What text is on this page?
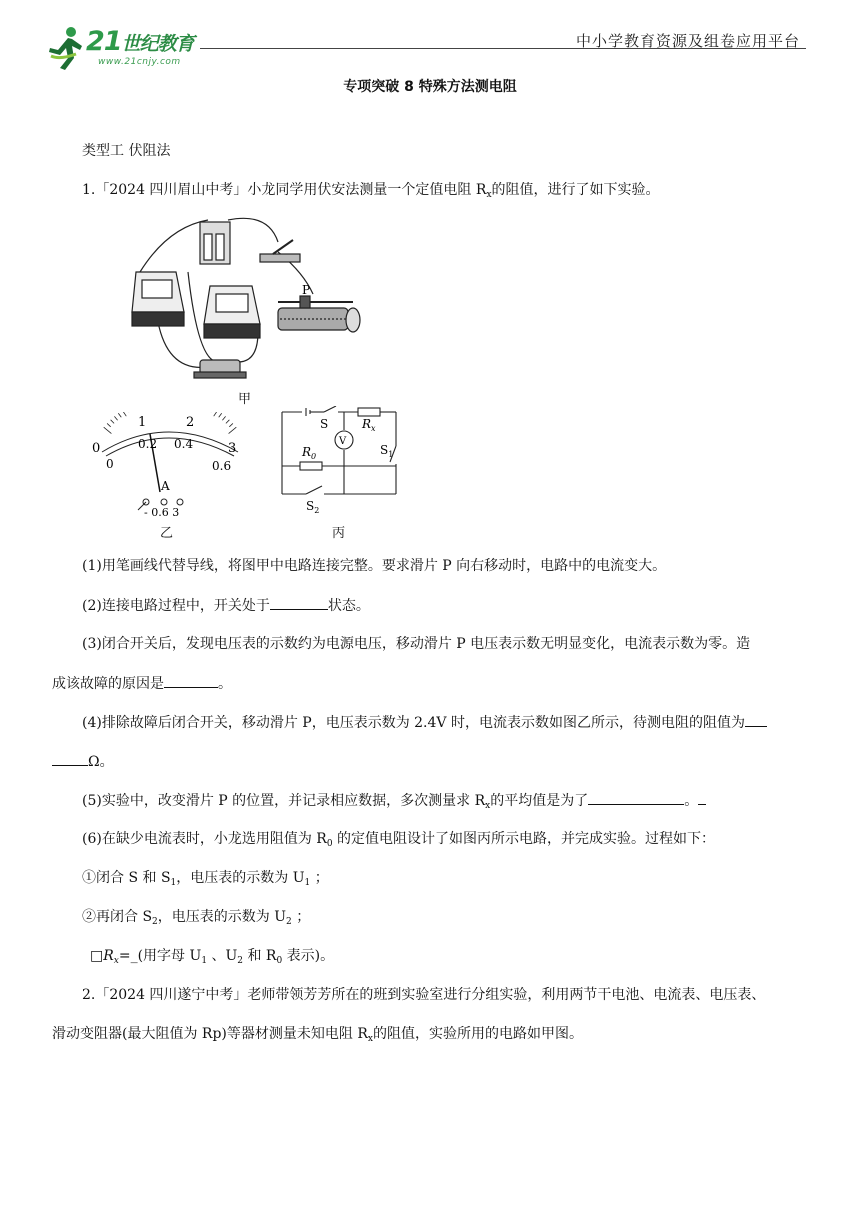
21世纪教育
www.21cnjy.com
中小学教育资源及组卷应用平台
专项突破 8 特殊方法测电阻
类型工 伏阻法
1.「2024 四川眉山中考」小龙同学用伏安法测量一个定值电阻 $R_x$的阻值，进行了如下实验。
P
甲
0
1	2
3
0
0.2 0.4
0.6
A
- 0.6 3
乙
V
S	$R_x$
$R_0$	$S_1$
$S_2$
丙
(1)用笔画线代替导线，将图甲中电路连接完整。要求滑片 P 向右移动时，电路中的电流变大。
(2)连接电路过程中，开关处于	状态。
(3)闭合开关后，发现电压表的示数约为电源电压，移动滑片 P 电压表示数无明显变化，电流表示数为零。造
成该故障的原因是	。
(4)排除故障后闭合开关，移动滑片 P，电压表示数为 2.4V 时，电流表示数如图乙所示，待测电阻的阻值为
Ω。
(5)实验中，改变滑片 P 的位置，并记录相应数据，多次测量求 $R_x$的平均值是为了	。
(6)在缺少电流表时，小龙选用阻值为 $R_0$ 的定值电阻设计了如图丙所示电路，并完成实验。过程如下：
①闭合 S 和 $S_1$，电压表的示数为 $U_1$ ；
②再闭合 $S_2$，电压表的示数为 $U_2$ ；
$□R_x=\_$(用字母 $U_1$ 、$U_2$ 和 $R_0$ 表示)。
2.「2024 四川遂宁中考」老师带领芳芳所在的班到实验室进行分组实验，利用两节干电池、电流表、电压表、
滑动变阻器(最大阻值为 Rp)等器材测量未知电阻 $R_x$的阻值，实验所用的电路如甲图。
